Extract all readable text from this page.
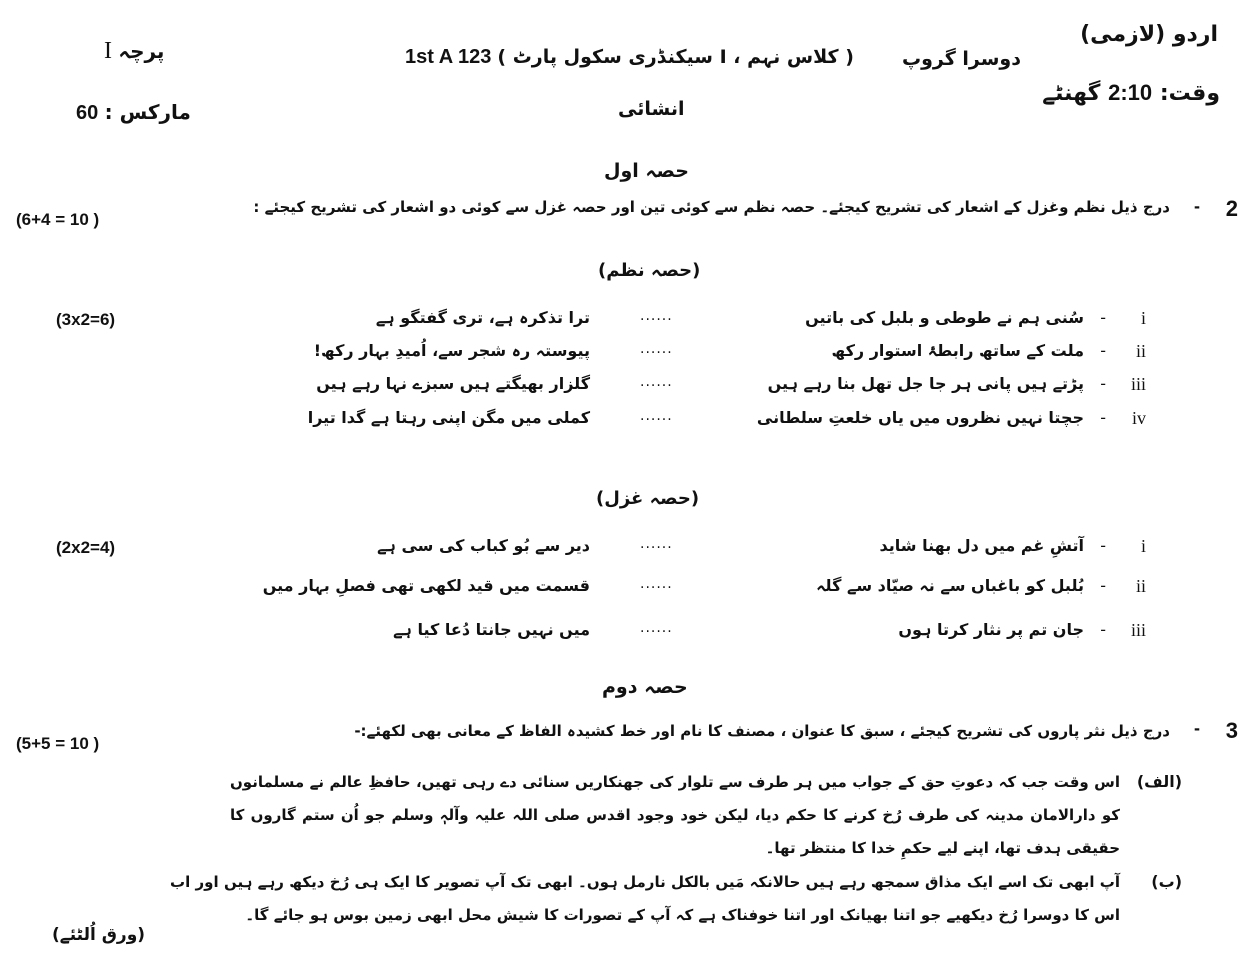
اردو (لازمی)
وقت: 2:10 گھنٹے
دوسرا گروپ
1st A 123 ( سیکنڈری سکول پارٹ I ، کلاس نہم )
انشائی
پرچہ I
مارکس : 60
حصہ اول
2
-
درج ذیل نظم وغزل کے اشعار کی تشریح کیجئے۔ حصہ نظم سے کوئی تین اور حصہ غزل سے کوئی دو اشعار کی تشریح کیجئے :
(6+4 = 10 )
(حصہ نظم)
(3x2=6)	i
-
سُنی ہم نے طوطی و بلبل کی باتیں
......
ترا تذکرہ ہے، تری گفتگو ہے
ii
-
ملت کے ساتھ رابطۂ استوار رکھ
......
پیوستہ رہ شجر سے، اُمیدِ بہار رکھ!
iii
-
پڑتے ہیں پانی ہر جا جل تھل بنا رہے ہیں
......
گلزار بھیگتے ہیں سبزے نہا رہے ہیں
iv
-
جچتا نہیں نظروں میں یاں خلعتِ سلطانی
......
کملی میں مگن اپنی رہتا ہے گدا تیرا
(حصہ غزل)
(2x2=4)	i
-
آتشِ غم میں دل بھنا شاید
......
دیر سے بُو کباب کی سی ہے
ii
-
بُلبل کو باغباں سے نہ صیّاد سے گلہ
......
قسمت میں قید لکھی تھی فصلِ بہار میں
iii
-
جان تم پر نثار کرتا ہوں
......
میں نہیں جانتا دُعا کیا ہے
حصہ دوم
3
-
درج ذیل نثر پاروں کی تشریح کیجئے ، سبق کا عنوان ، مصنف کا نام اور خط کشیدہ الفاظ کے معانی بھی لکھئے:-
(5+5 = 10 )
(الف)
اس وقت جب کہ دعوتِ حق کے جواب میں ہر طرف سے تلوار کی جھنکاریں سنائی دے رہی تھیں، حافظِ عالم نے مسلمانوں کو دارالامان مدینہ کی طرف رُخ کرنے کا حکم دیا، لیکن خود وجود اقدس صلی اللہ علیہ وآلہٖ وسلم جو اُن ستم گاروں کا حقیقی ہدف تھا، اپنے لیے حکمِ خدا کا منتظر تھا۔
(ب)
آپ ابھی تک اسے ایک مذاق سمجھ رہے ہیں حالانکہ مَیں بالکل نارمل ہوں۔ ابھی تک آپ تصویر کا ایک ہی رُخ دیکھ رہے ہیں اور اب اس کا دوسرا رُخ دیکھیے جو اتنا بھیانک اور اتنا خوفناک ہے کہ آپ کے تصورات کا شیش محل ابھی زمین بوس ہو جائے گا۔
(ورق اُلٹئے)
